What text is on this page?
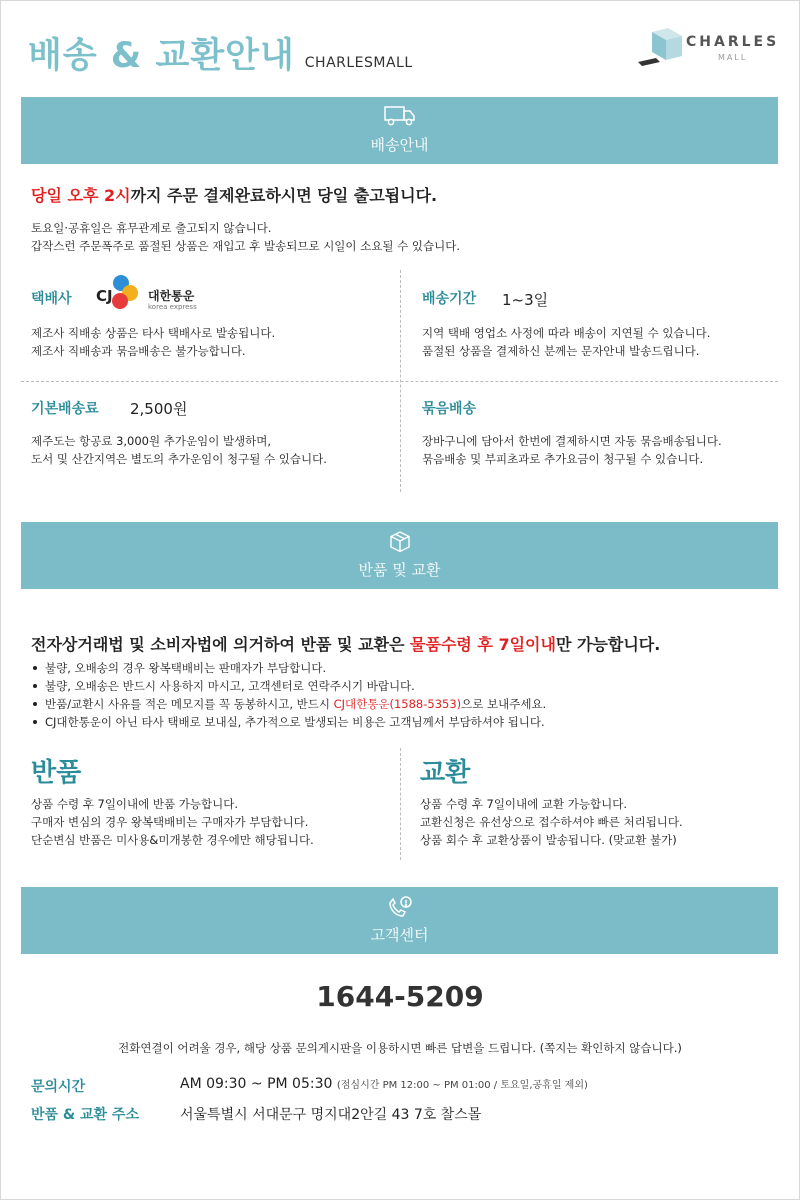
배송 & 교환안내 CHARLESMALL
CHARLES
MALL
배송안내
당일 오후 2시까지 주문 결제완료하시면 당일 출고됩니다.
토요일·공휴일은 휴무관계로 출고되지 않습니다.
갑작스런 주문폭주로 품절된 상품은 재입고 후 발송되므로 시일이 소요될 수 있습니다.
택배사 CJ	대한통운
korea express
제조사 직배송 상품은 타사 택배사로 발송됩니다.
제조사 직배송과 묶음배송은 불가능합니다.
배송기간 1~3일
지역 택배 영업소 사정에 따라 배송이 지연될 수 있습니다.
품절된 상품을 결제하신 분께는 문자안내 발송드립니다.
기본배송료 2,500원
제주도는 항공료 3,000원 추가운임이 발생하며,
도서 및 산간지역은 별도의 추가운임이 청구될 수 있습니다.
묶음배송
장바구니에 담아서 한번에 결제하시면 자동 묶음배송됩니다.
묶음배송 및 부피초과로 추가요금이 청구될 수 있습니다.
반품 및 교환
전자상거래법 및 소비자법에 의거하여 반품 및 교환은 물품수령 후 7일이내만 가능합니다.
불량, 오배송의 경우 왕복택배비는 판매자가 부담합니다.
불량, 오배송은 반드시 사용하지 마시고, 고객센터로 연락주시기 바랍니다.
반품/교환시 사유를 적은 메모지를 꼭 동봉하시고, 반드시 CJ대한통운(1588-5353)으로 보내주세요.
CJ대한통운이 아닌 타사 택배로 보내실, 추가적으로 발생되는 비용은 고객님께서 부담하셔야 됩니다.
반품
상품 수령 후 7일이내에 반품 가능합니다.
구매자 변심의 경우 왕복택배비는 구매자가 부담합니다.
단순변심 반품은 미사용&미개봉한 경우에만 해당됩니다.
교환
상품 수령 후 7일이내에 교환 가능합니다.
교환신청은 유선상으로 접수하셔야 빠른 처리됩니다.
상품 회수 후 교환상품이 발송됩니다. (맞교환 불가)
고객센터
1644-5209
전화연결이 어려울 경우, 해당 상품 문의게시판을 이용하시면 빠른 답변을 드립니다. (쪽지는 확인하지 않습니다.)
문의시간	AM 09:30 ~ PM 05:30 (점심시간 PM 12:00 ~ PM 01:00 / 토요일,공휴일 제외)
반품 & 교환 주소	서울특별시 서대문구 명지대2안길 43 7호 찰스몰
